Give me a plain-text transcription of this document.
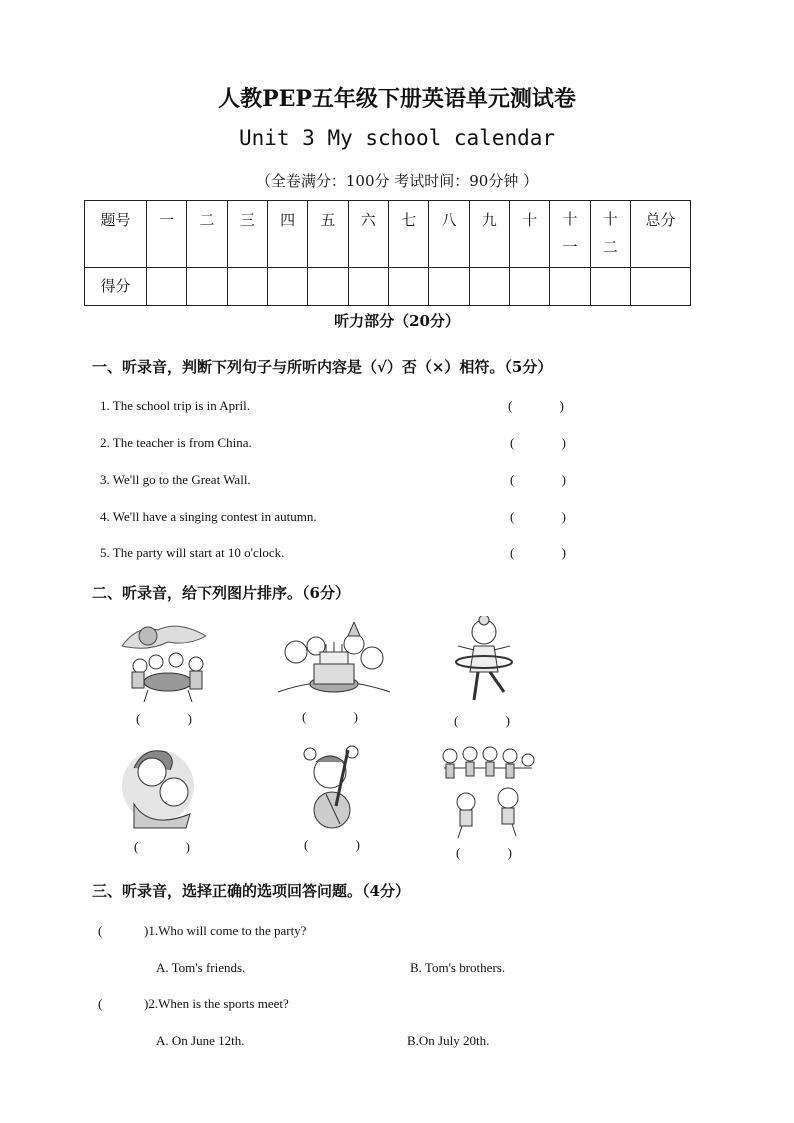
人教PEP五年级下册英语单元测试卷
Unit 3 My school calendar
（全卷满分：100分 考试时间：90分钟 ）
题号	一	二	三	四	五	六	七	八	九	十	十一	十二	总分
得分													
听力部分（20分）
一、听录音，判断下列句子与所听内容是（√）否（×）相符。（5分）
1. The school trip is in April.	(	)
2. The teacher is from China.	(	)
3. We'll go to the Great Wall.	(	)
4. We'll have a singing contest in autumn.	(	)
5. The party will start at 10 o'clock.	(	)
二、听录音，给下列图片排序。（6分）
(	)	(	)	(	)
(	)	(	)
(	)
三、听录音，选择正确的选项回答问题。（4分）
(	)1.Who will come to the party?
A. Tom's friends.	B. Tom's brothers.
(	)2.When is the sports meet?
A. On June 12th.	B.On July 20th.
